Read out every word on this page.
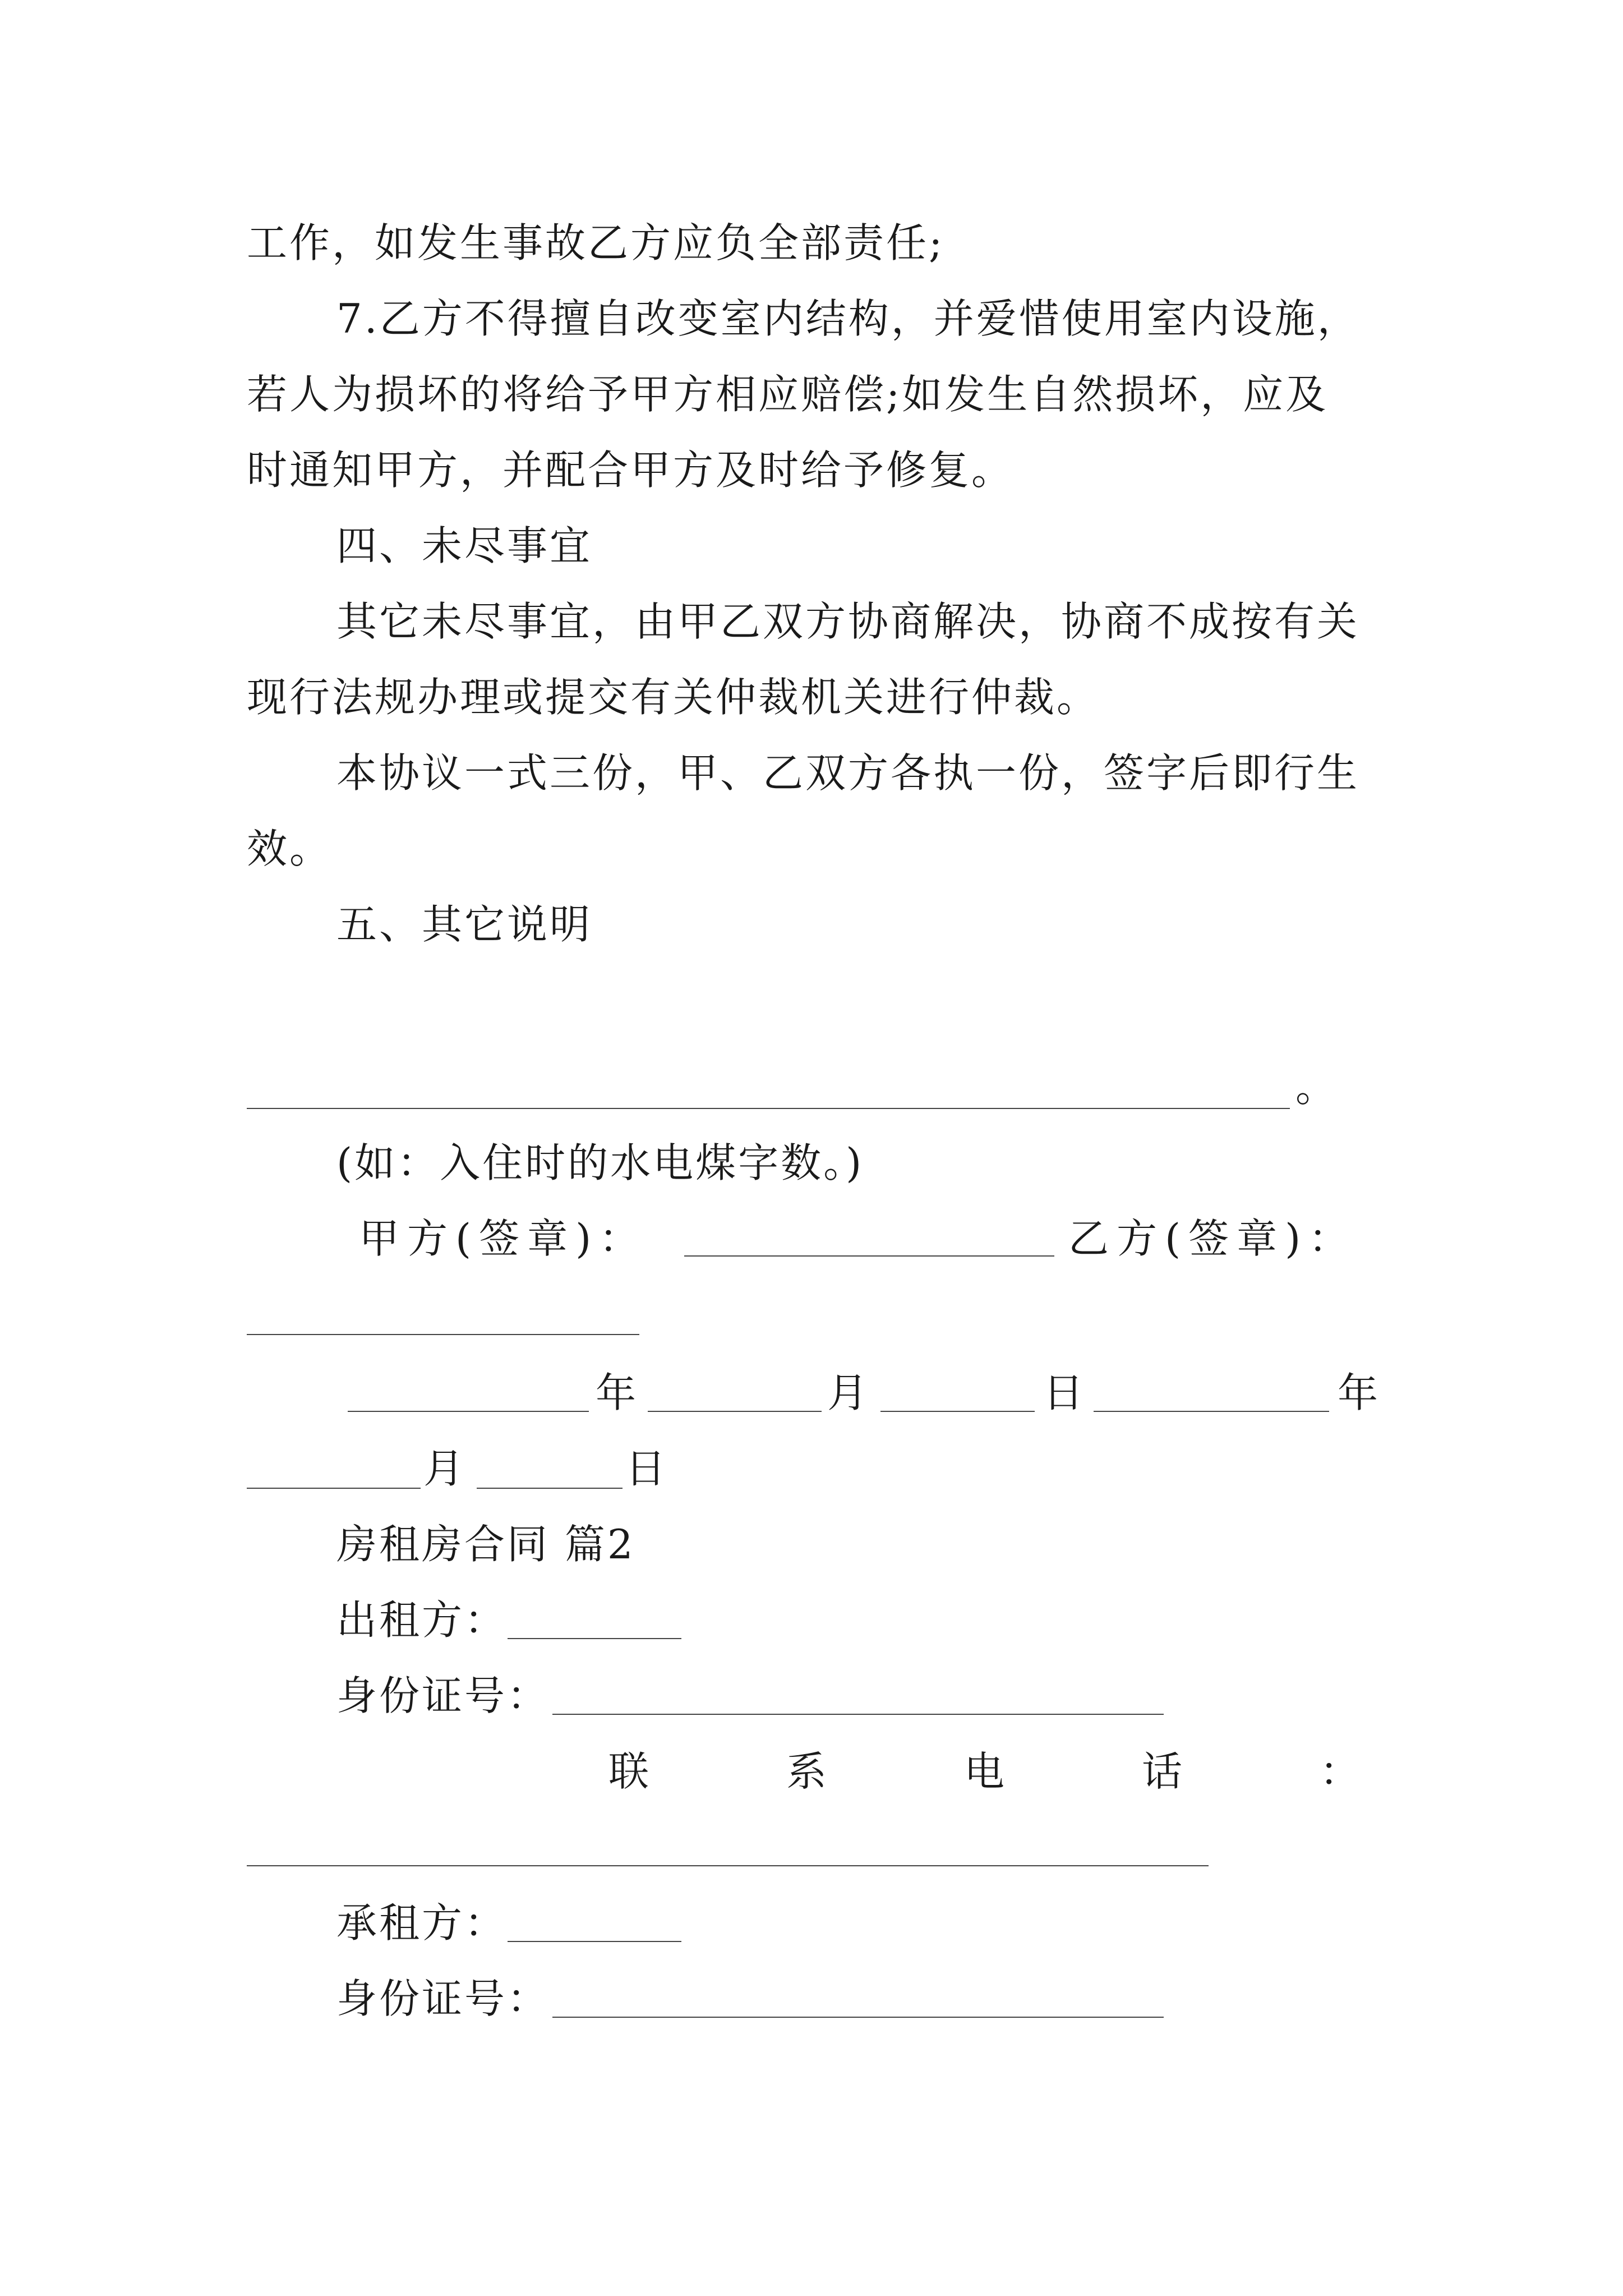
工作，如发生事故乙方应负全部责任;
7.乙方不得擅自改变室内结构，并爱惜使用室内设施，
若人为损坏的将给予甲方相应赔偿;如发生自然损坏，应及
时通知甲方，并配合甲方及时给予修复。
四、未尽事宜
其它未尽事宜，由甲乙双方协商解决，协商不成按有关
现行法规办理或提交有关仲裁机关进行仲裁。
本协议一式三份，甲、乙双方各执一份，签字后即行生
效。
五、其它说明
。
(如：入住时的水电煤字数。)
甲方(签章)：	乙方(签章)：
年	月	日	年
月	日
房租房合同 篇2
出租方：
身份证号：
联	系	电	话	：
承租方：
身份证号：
